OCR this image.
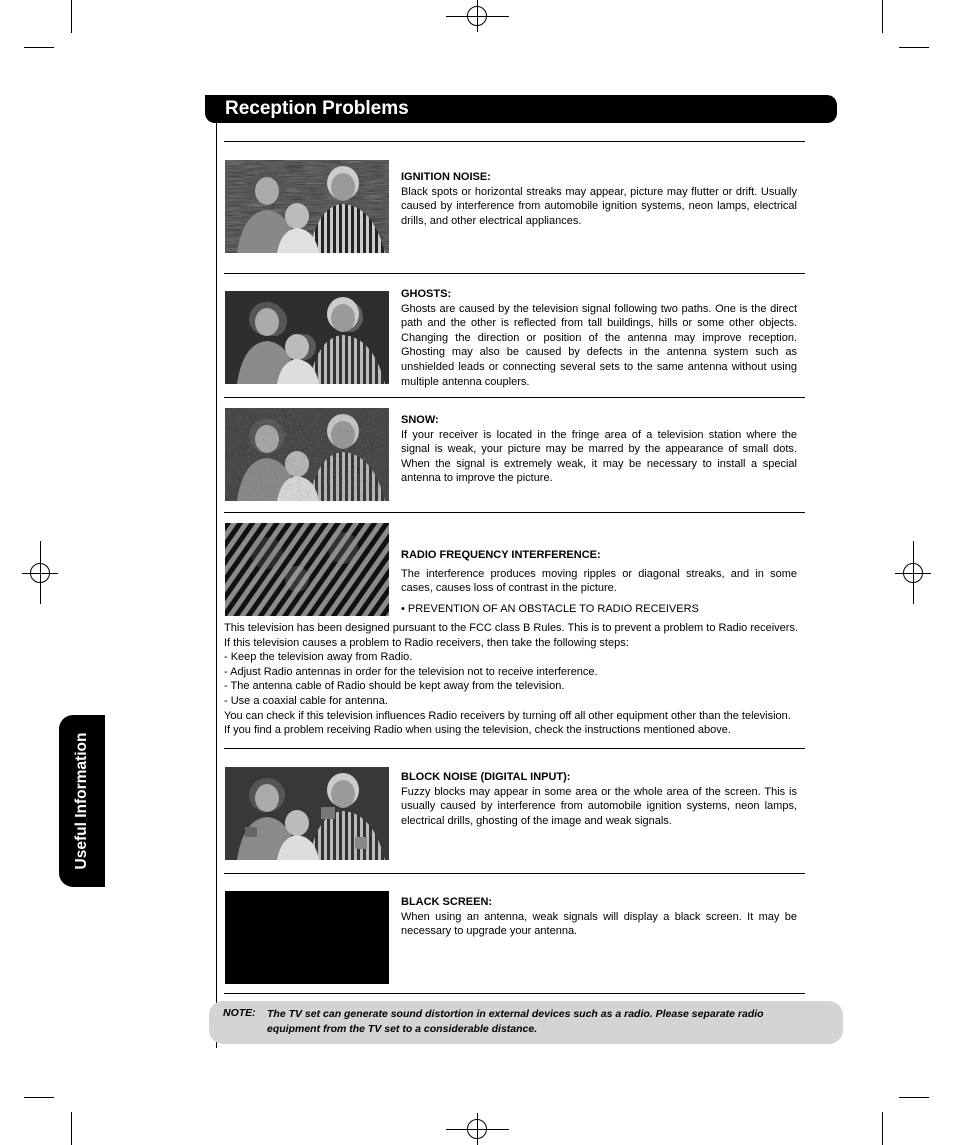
Reception Problems

IGNITION NOISE:

Black spots or horizontal streaks may appear, picture may flutter or drift. Usually caused by interference from automobile ignition systems, neon lamps, electrical drills, and other electrical appliances.

GHOSTS:

Ghosts are caused by the television signal following two paths. One is the direct path and the other is reflected from tall buildings, hills or some other objects. Changing the direction or position of the antenna may improve reception. Ghosting may also be caused by defects in the antenna system such as unshielded leads or connecting several sets to the same antenna without using multiple antenna couplers.

SNOW:

If your receiver is located in the fringe area of a television station where the signal is weak, your picture may be marred by the appearance of small dots. When the signal is extremely weak, it may be necessary to install a special antenna to improve the picture.

RADIO FREQUENCY INTERFERENCE:

The interference produces moving ripples or diagonal streaks, and in some cases, causes loss of contrast in the picture.

• PREVENTION OF AN OBSTACLE TO RADIO RECEIVERS

This television has been designed pursuant to the FCC class B Rules. This is to prevent a problem to Radio receivers. If this television causes a problem to Radio receivers, then take the following steps:

- Keep the television away from Radio.

- Adjust Radio antennas in order for the television not to receive interference.

- The antenna cable of Radio should be kept away from the television.

- Use a coaxial cable for antenna.

You can check if this television influences Radio receivers by turning off all other equipment other than the television. If you find a problem receiving Radio when using the television, check the instructions mentioned above.

BLOCK NOISE (DIGITAL INPUT):

Fuzzy blocks may appear in some area or the whole area of the screen. This is usually caused by interference from automobile ignition systems, neon lamps, electrical drills, ghosting of the image and weak signals.

BLACK SCREEN:

When using an antenna, weak signals will display a black screen. It may be necessary to upgrade your antenna.

Useful Information
NOTE: The TV set can generate sound distortion in external devices such as a radio. Please separate radio equipment from the TV set to a considerable distance.
